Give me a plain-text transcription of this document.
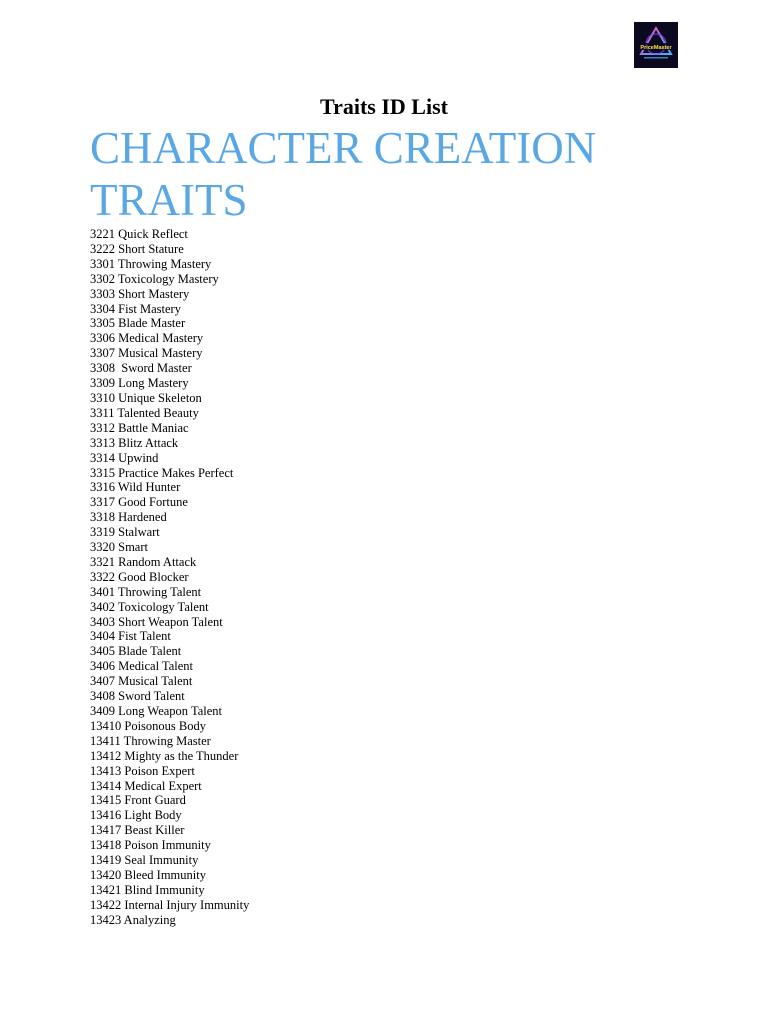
PriceMaster
Traits ID List
CHARACTER CREATION TRAITS
3221 Quick Reflect
3222 Short Stature
3301 Throwing Mastery
3302 Toxicology Mastery
3303 Short Mastery
3304 Fist Mastery
3305 Blade Master
3306 Medical Mastery
3307 Musical Mastery
3308  Sword Master
3309 Long Mastery
3310 Unique Skeleton
3311 Talented Beauty
3312 Battle Maniac
3313 Blitz Attack
3314 Upwind
3315 Practice Makes Perfect
3316 Wild Hunter
3317 Good Fortune
3318 Hardened
3319 Stalwart
3320 Smart
3321 Random Attack
3322 Good Blocker
3401 Throwing Talent
3402 Toxicology Talent
3403 Short Weapon Talent
3404 Fist Talent
3405 Blade Talent
3406 Medical Talent
3407 Musical Talent
3408 Sword Talent
3409 Long Weapon Talent
13410 Poisonous Body
13411 Throwing Master
13412 Mighty as the Thunder
13413 Poison Expert
13414 Medical Expert
13415 Front Guard
13416 Light Body
13417 Beast Killer
13418 Poison Immunity
13419 Seal Immunity
13420 Bleed Immunity
13421 Blind Immunity
13422 Internal Injury Immunity
13423 Analyzing
